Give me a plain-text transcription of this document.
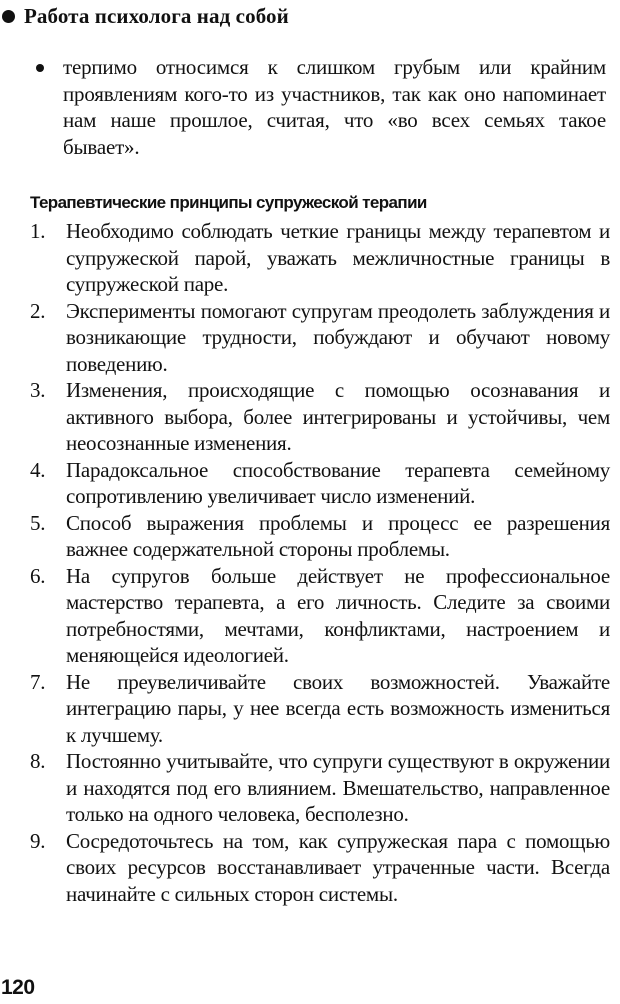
Работа психолога над собой
терпимо относимся к слишком грубым или крайним проявлениям кого-то из участников, так как оно напоминает нам наше прошлое, считая, что «во всех семьях такое бывает».
Терапевтические принципы супружеской терапии
1. Необходимо соблюдать четкие границы между терапевтом и супружеской парой, уважать межличностные границы в супружеской паре.
2. Эксперименты помогают супругам преодолеть заблуждения и возникающие трудности, побуждают и обучают новому поведению.
3. Изменения, происходящие с помощью осознавания и активного выбора, более интегрированы и устойчивы, чем неосознанные изменения.
4. Парадоксальное способствование терапевта семейному сопротивлению увеличивает число изменений.
5. Способ выражения проблемы и процесс ее разрешения важнее содержательной стороны проблемы.
6. На супругов больше действует не профессиональное мастерство терапевта, а его личность. Следите за своими потребностями, мечтами, конфликтами, настроением и меняющейся идеологией.
7. Не преувеличивайте своих возможностей. Уважайте интеграцию пары, у нее всегда есть возможность измениться к лучшему.
8. Постоянно учитывайте, что супруги существуют в окружении и находятся под его влиянием. Вмешательство, направленное только на одного человека, бесполезно.
9. Сосредоточьтесь на том, как супружеская пара с помощью своих ресурсов восстанавливает утраченные части. Всегда начинайте с сильных сторон системы.
120
